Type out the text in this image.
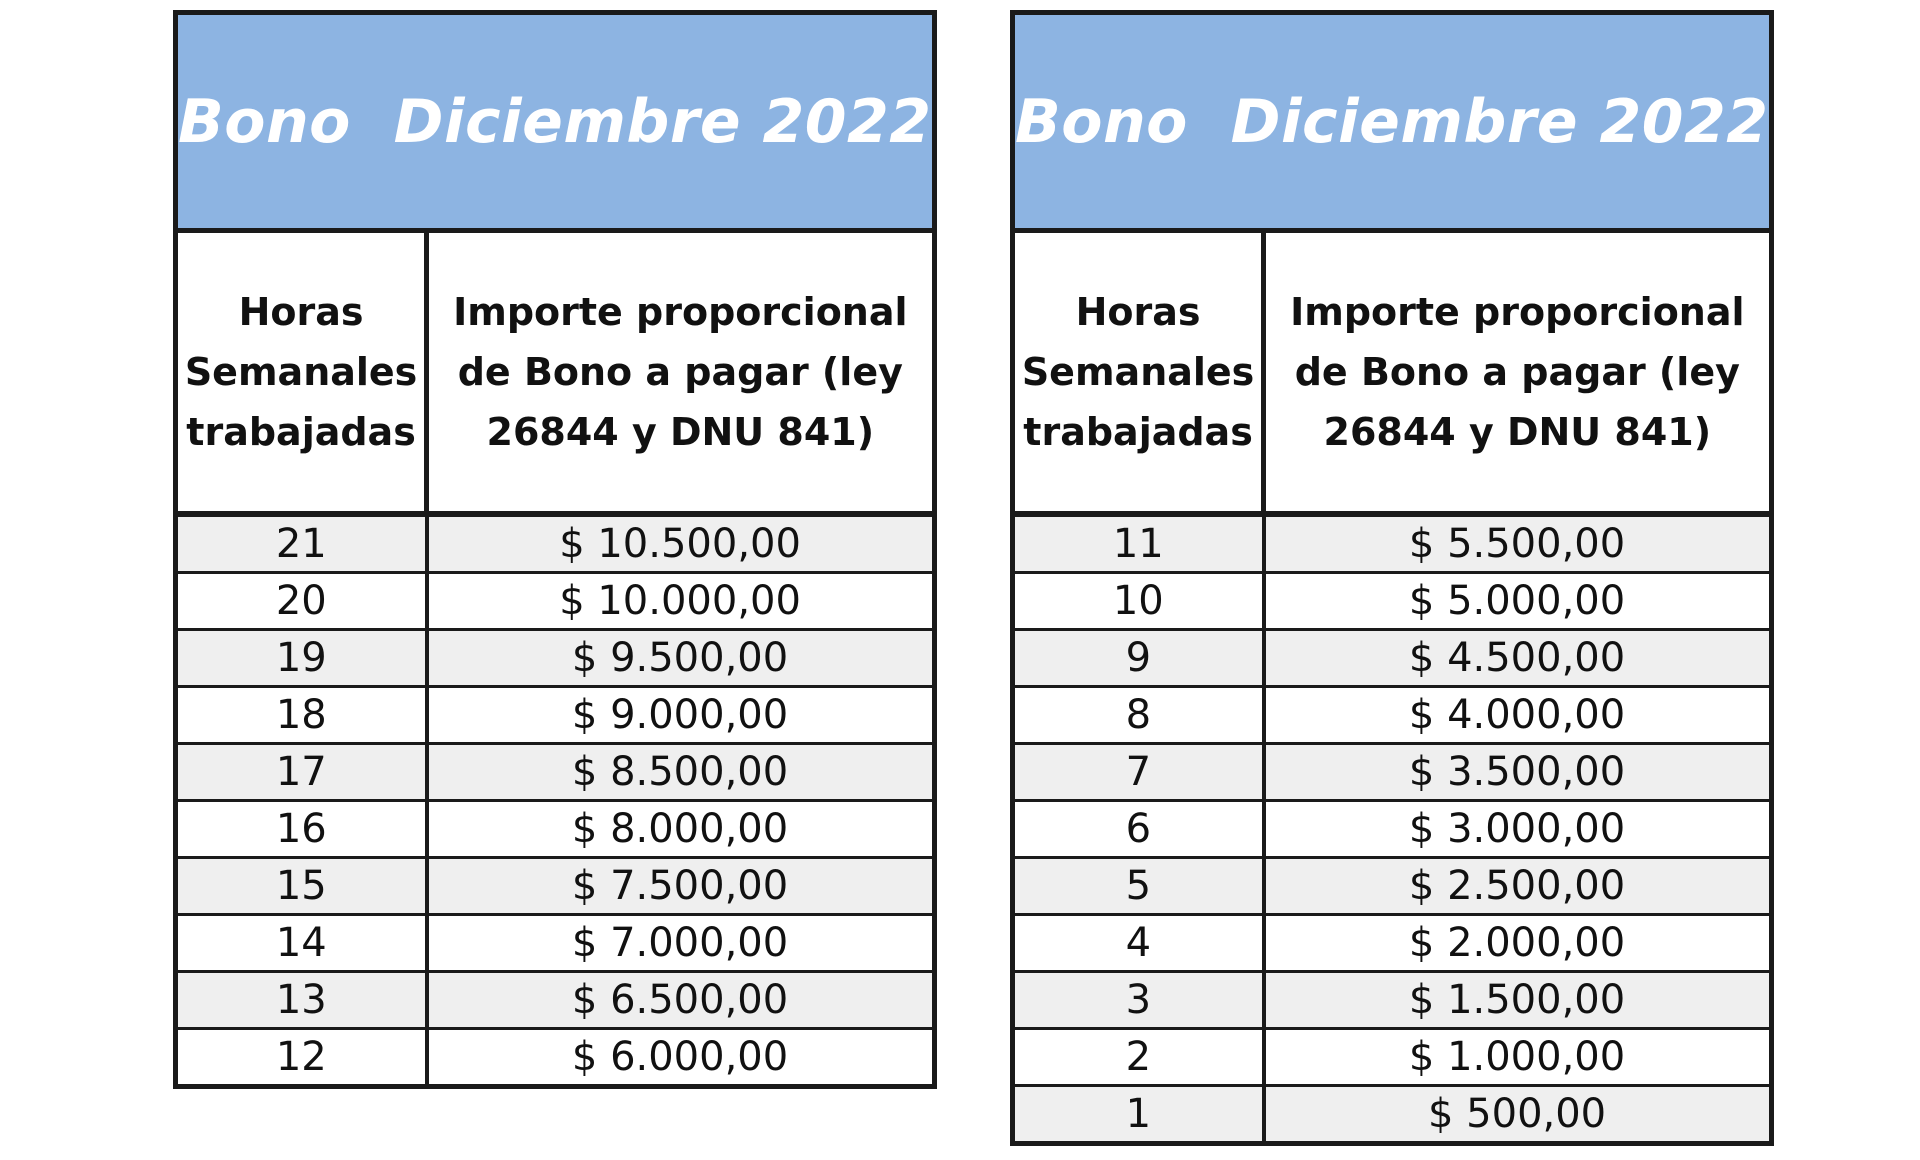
Bono  Diciembre 2022	
Horas Semanales trabajadas	Importe proporcional de Bono a pagar (ley 26844 y DNU 841)
21	$ 10.500,00
20	$ 10.000,00
19	$ 9.500,00
18	$ 9.000,00
17	$ 8.500,00
16	$ 8.000,00
15	$ 7.500,00
14	$ 7.000,00
13	$ 6.500,00
12	$ 6.000,00
Bono  Diciembre 2022	
Horas Semanales trabajadas	Importe proporcional de Bono a pagar (ley 26844 y DNU 841)
11	$ 5.500,00
10	$ 5.000,00
9	$ 4.500,00
8	$ 4.000,00
7	$ 3.500,00
6	$ 3.000,00
5	$ 2.500,00
4	$ 2.000,00
3	$ 1.500,00
2	$ 1.000,00
1	$ 500,00
